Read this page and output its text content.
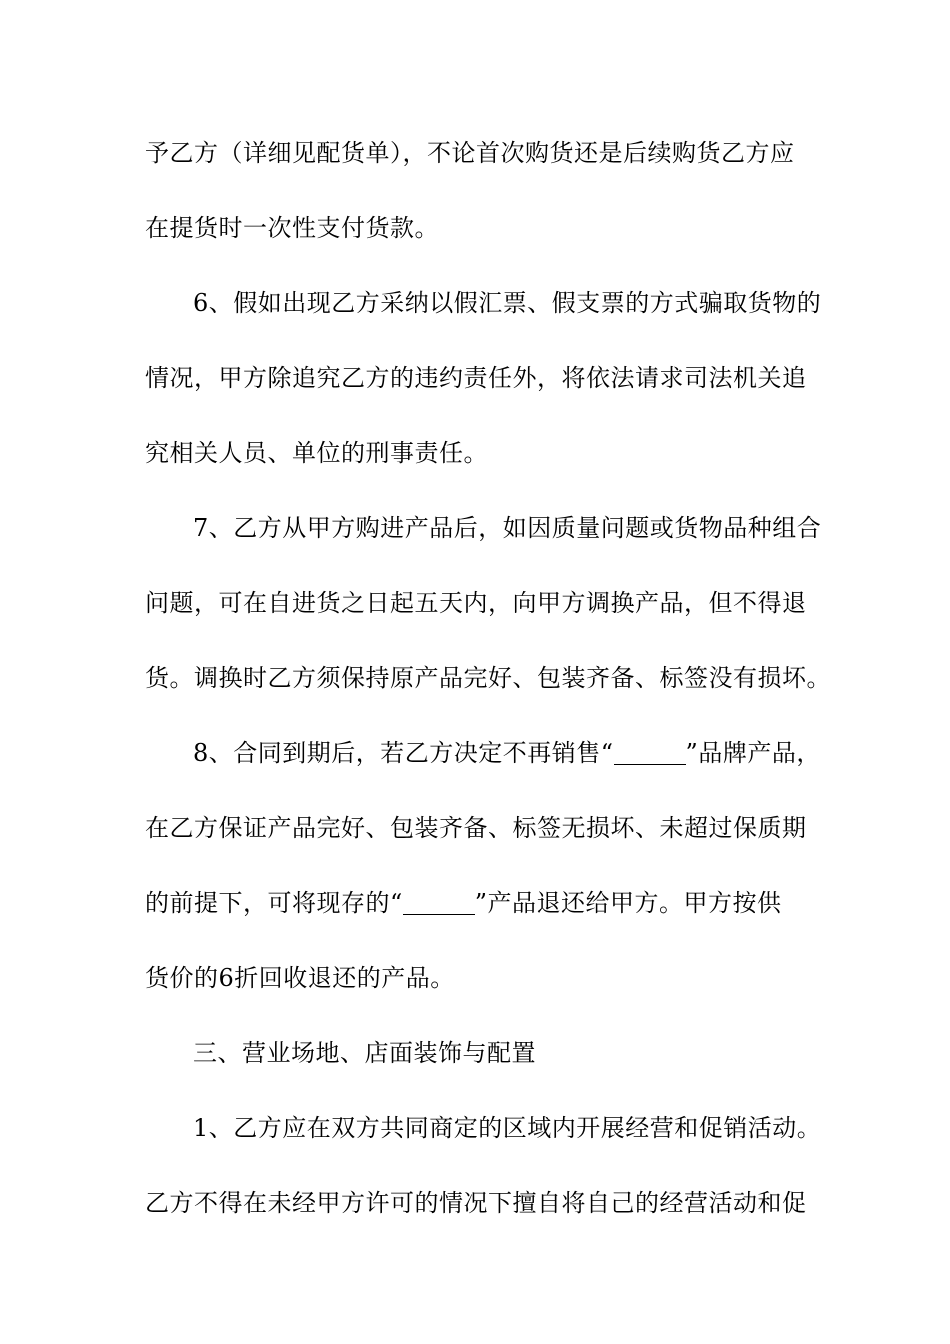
予乙方（详细见配货单），不论首次购货还是后续购货乙方应
在提货时一次性支付货款。
6、假如出现乙方采纳以假汇票、假支票的方式骗取货物的
情况，甲方除追究乙方的违约责任外，将依法请求司法机关追
究相关人员、单位的刑事责任。
7、乙方从甲方购进产品后，如因质量问题或货物品种组合
问题，可在自进货之日起五天内，向甲方调换产品，但不得退
货。调换时乙方须保持原产品完好、包装齐备、标签没有损坏。
8、合同到期后，若乙方决定不再销售“	”品牌产品，
在乙方保证产品完好、包装齐备、标签无损坏、未超过保质期
的前提下，可将现存的“	”产品退还给甲方。甲方按供
货价的6折回收退还的产品。
三、营业场地、店面装饰与配置
1、乙方应在双方共同商定的区域内开展经营和促销活动。
乙方不得在未经甲方许可的情况下擅自将自己的经营活动和促
